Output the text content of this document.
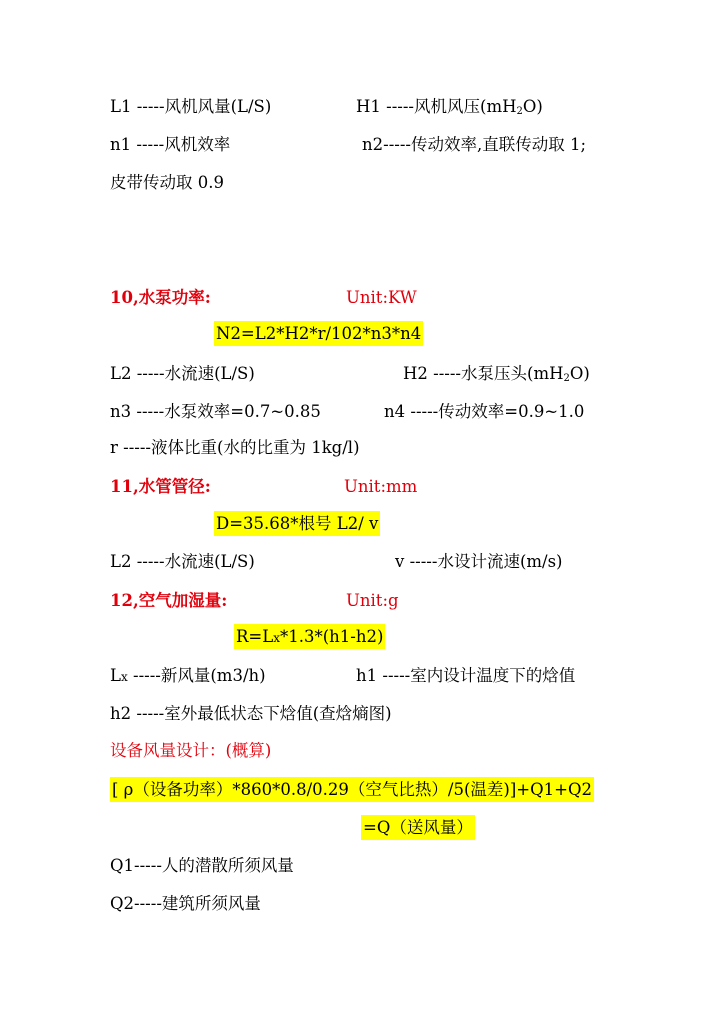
L1 -----风机风量(L/S)	H1 -----风机风压$(mH_2O)$

n1 -----风机效率	n2-----传动效率,直联传动取 1;

皮带传动取 0.9

10,水泵功率:	Unit:KW

N2=L2*H2*r/102*n3*n4

L2 -----水流速(L/S)	H2 -----水泵压头$(mH_2O)$

n3 -----水泵效率=0.7~0.85	n4 -----传动效率=0.9~1.0

r -----液体比重(水的比重为 1kg/l)

11,水管管径:	Unit:mm

D=35.68*根号 L2/ v

L2 -----水流速(L/S)	v -----水设计流速(m/s)

12,空气加湿量:	Unit:g

R=Lx*1.3*(h1-h2)

Lx -----新风量(m3/h)	h1 -----室内设计温度下的焓值

h2 -----室外最低状态下焓值(查焓熵图)

设备风量设计：(概算)

[ ρ（设备功率）*860*0.8/0.29（空气比热）/5(温差)]+Q1+Q2

=Q（送风量）

Q1-----人的潜散所须风量

Q2-----建筑所须风量
